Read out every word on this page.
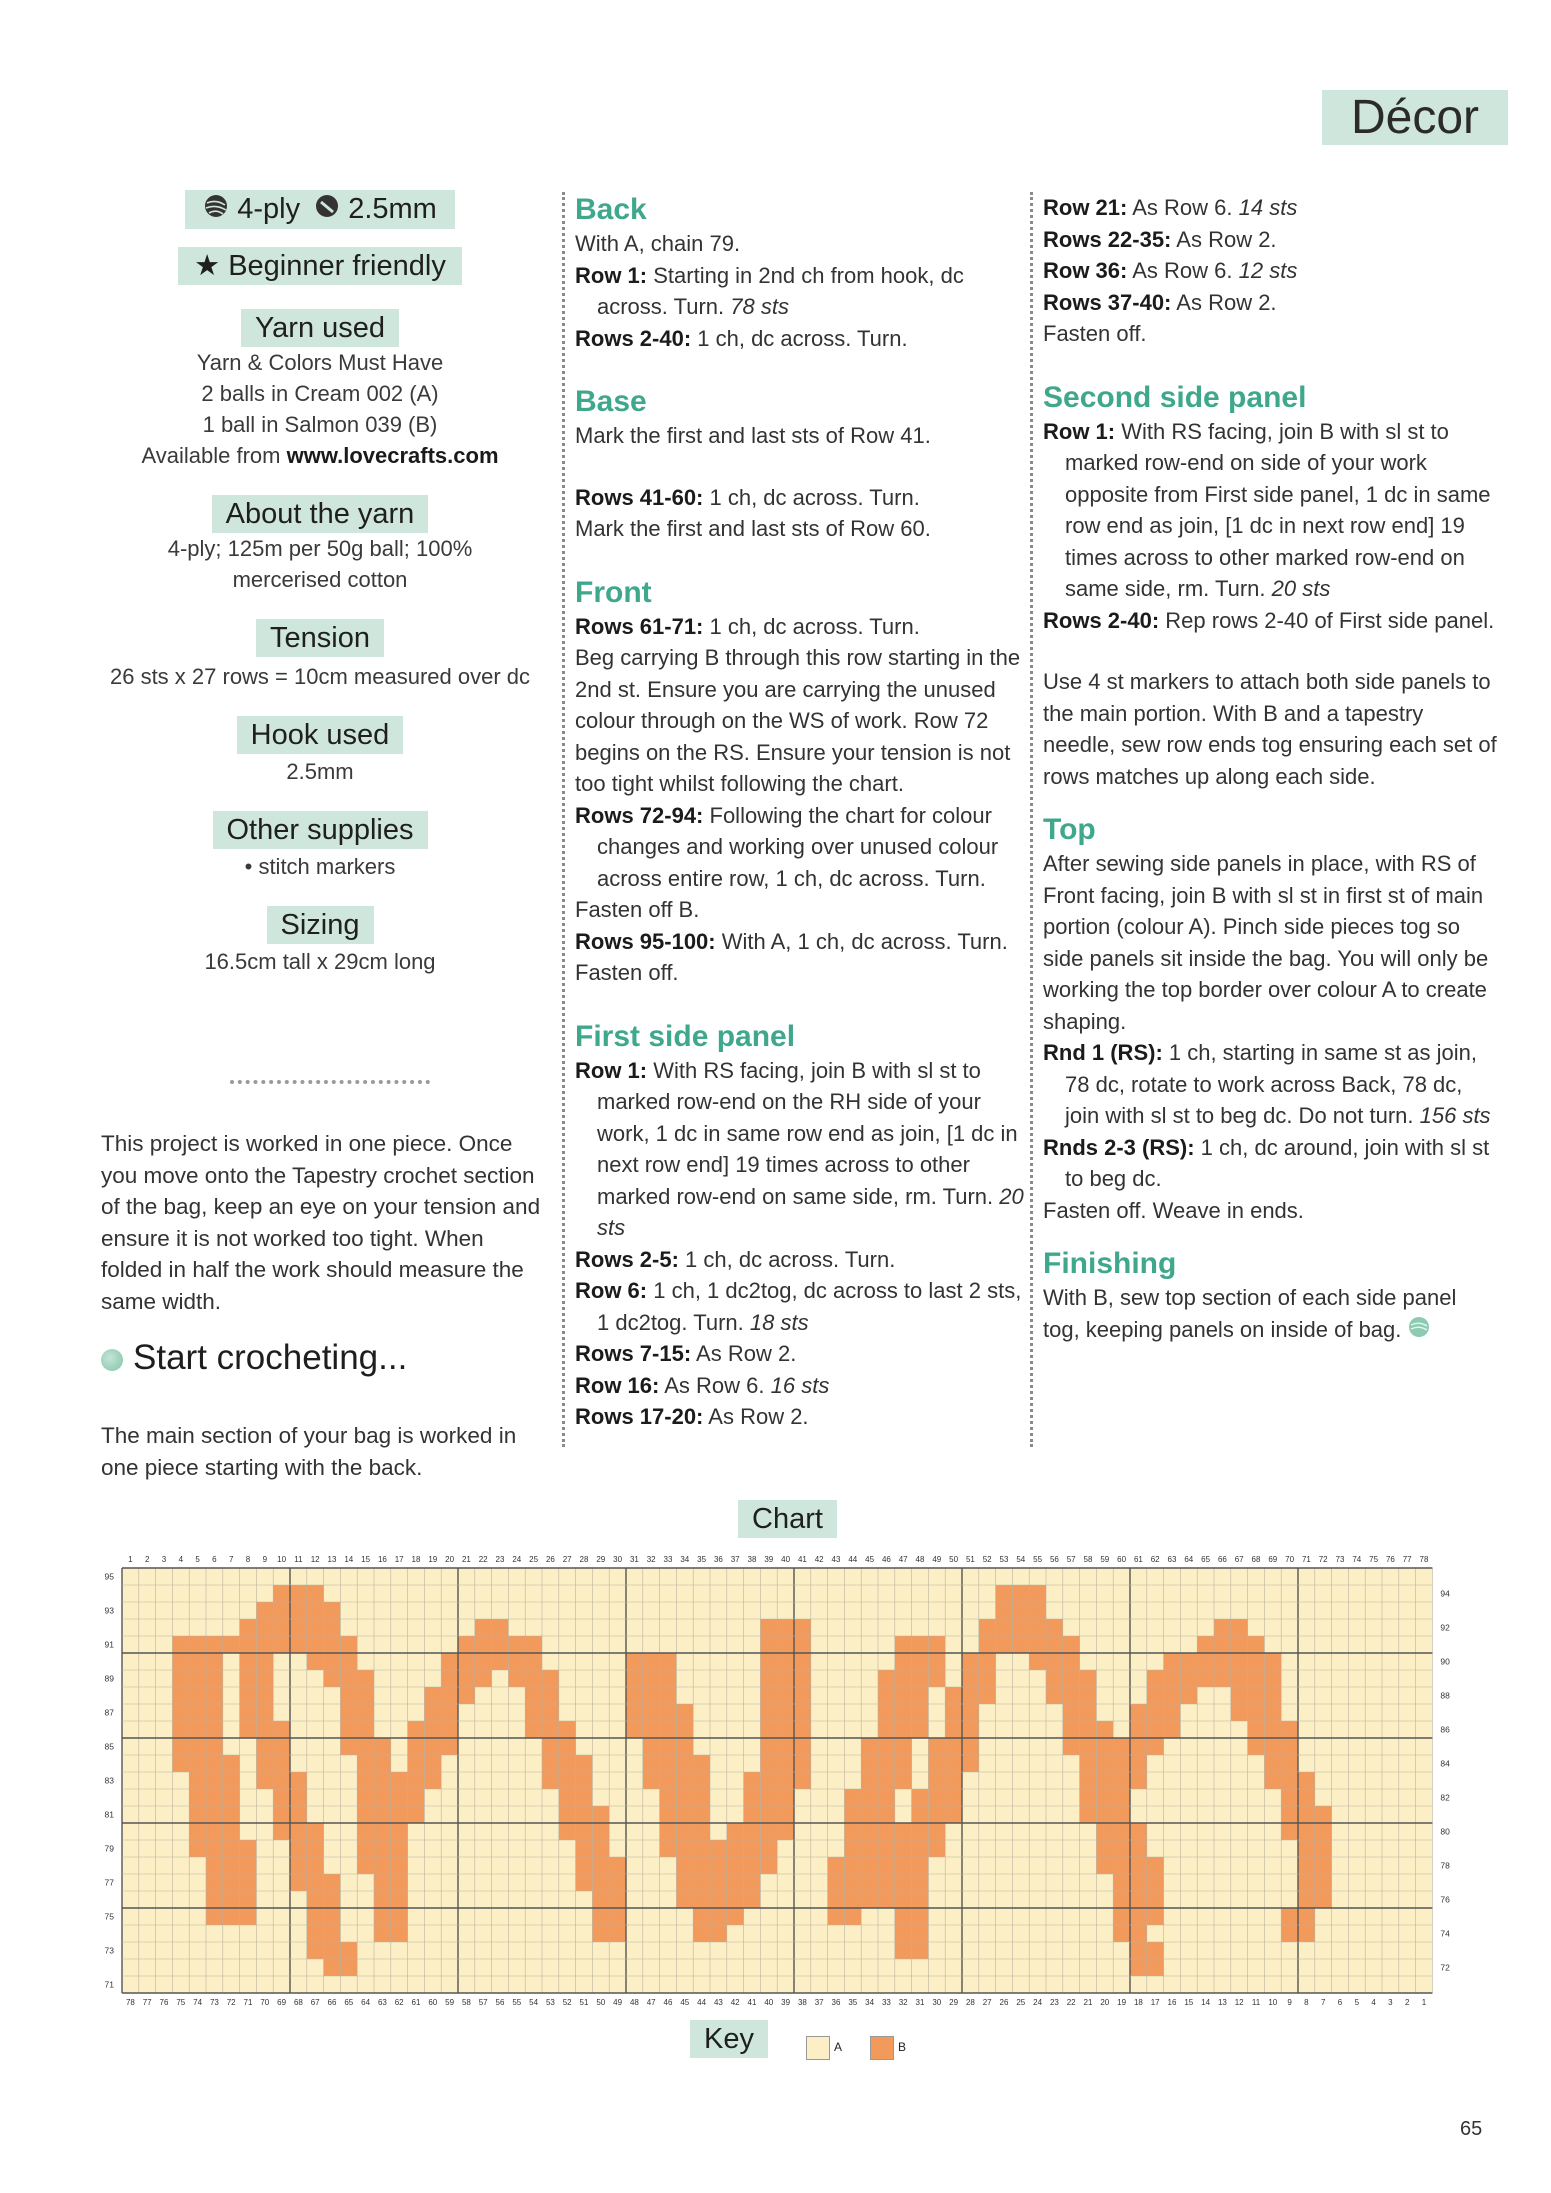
Décor
4-ply 2.5mm
★ Beginner friendly
Yarn used
Yarn & Colors Must Have
2 balls in Cream 002 (A)
1 ball in Salmon 039 (B)
Available from www.lovecrafts.com
About the yarn
4-ply; 125m per 50g ball; 100%
mercerised cotton
Tension
26 sts x 27 rows = 10cm measured over dc
Hook used
2.5mm
Other supplies
• stitch markers
Sizing
16.5cm tall x 29cm long
This project is worked in one piece. Once you move onto the Tapestry crochet section of the bag, keep an eye on your tension and ensure it is not worked too tight. When folded in half the work should measure the same width.
Start crocheting...
The main section of your bag is worked in one piece starting with the back.
Back
With A, chain 79.
Row 1: Starting in 2nd ch from hook, dc across. Turn. 78 sts
Rows 2-40: 1 ch, dc across. Turn.
Base
Mark the first and last sts of Row 41.
Rows 41-60: 1 ch, dc across. Turn.
Mark the first and last sts of Row 60.
Front
Rows 61-71: 1 ch, dc across. Turn.
Beg carrying B through this row starting in the 2nd st. Ensure you are carrying the unused colour through on the WS of work. Row 72 begins on the RS. Ensure your tension is not too tight whilst following the chart.
Rows 72-94: Following the chart for colour changes and working over unused colour across entire row, 1 ch, dc across. Turn.
Fasten off B.
Rows 95-100: With A, 1 ch, dc across. Turn.
Fasten off.
First side panel
Row 1: With RS facing, join B with sl st to marked row-end on the RH side of your work, 1 dc in same row end as join, [1 dc in next row end] 19 times across to other marked row-end on same side, rm. Turn. 20 sts
Rows 2-5: 1 ch, dc across. Turn.
Row 6: 1 ch, 1 dc2tog, dc across to last 2 sts, 1 dc2tog. Turn. 18 sts
Rows 7-15: As Row 2.
Row 16: As Row 6. 16 sts
Rows 17-20: As Row 2.
Row 21: As Row 6. 14 sts
Rows 22-35: As Row 2.
Row 36: As Row 6. 12 sts
Rows 37-40: As Row 2.
Fasten off.
Second side panel
Row 1: With RS facing, join B with sl st to marked row-end on side of your work opposite from First side panel, 1 dc in same row end as join, [1 dc in next row end] 19 times across to other marked row-end on same side, rm. Turn. 20 sts
Rows 2-40: Rep rows 2-40 of First side panel.
Use 4 st markers to attach both side panels to the main portion. With B and a tapestry needle, sew row ends tog ensuring each set of rows matches up along each side.
Top
After sewing side panels in place, with RS of Front facing, join B with sl st in first st of main portion (colour A). Pinch side pieces tog so side panels sit inside the bag. You will only be working the top border over colour A to create shaping.
Rnd 1 (RS): 1 ch, starting in same st as join, 78 dc, rotate to work across Back, 78 dc, join with sl st to beg dc. Do not turn. 156 sts
Rnds 2-3 (RS): 1 ch, dc around, join with sl st to beg dc.
Fasten off. Weave in ends.
Finishing
With B, sew top section of each side panel tog, keeping panels on inside of bag.
Chart
1 2 3 4 5 6 7 8 9 10 11 12 13 14 15 16 17 18 19 20 21 22 23 24 25 26 27 28 29 30 31 32 33 34 35 36 37 38 39 40 41 42 43 44 45 46 47 48 49 50 51 52 53 54 55 56 57 58 59 60 61 62 63 64 65 66 67 68 69 70 71 72 73 74 75 76 77 78
78 77 76 75 74 73 72 71 70 69 68 67 66 65 64 63 62 61 60 59 58 57 56 55 54 53 52 51 50 49 48 47 46 45 44 43 42 41 40 39 38 37 36 35 34 33 32 31 30 29 28 27 26 25 24 23 22 21 20 19 18 17 16 15 14 13 12 11 10 9 8 7 6 5 4 3 2 1
95
93
91
89
87
85
83
81
79
77
75
73
71
94
92
90
88
86
84
82
80
78
76
74
72
Key	A	B
65
